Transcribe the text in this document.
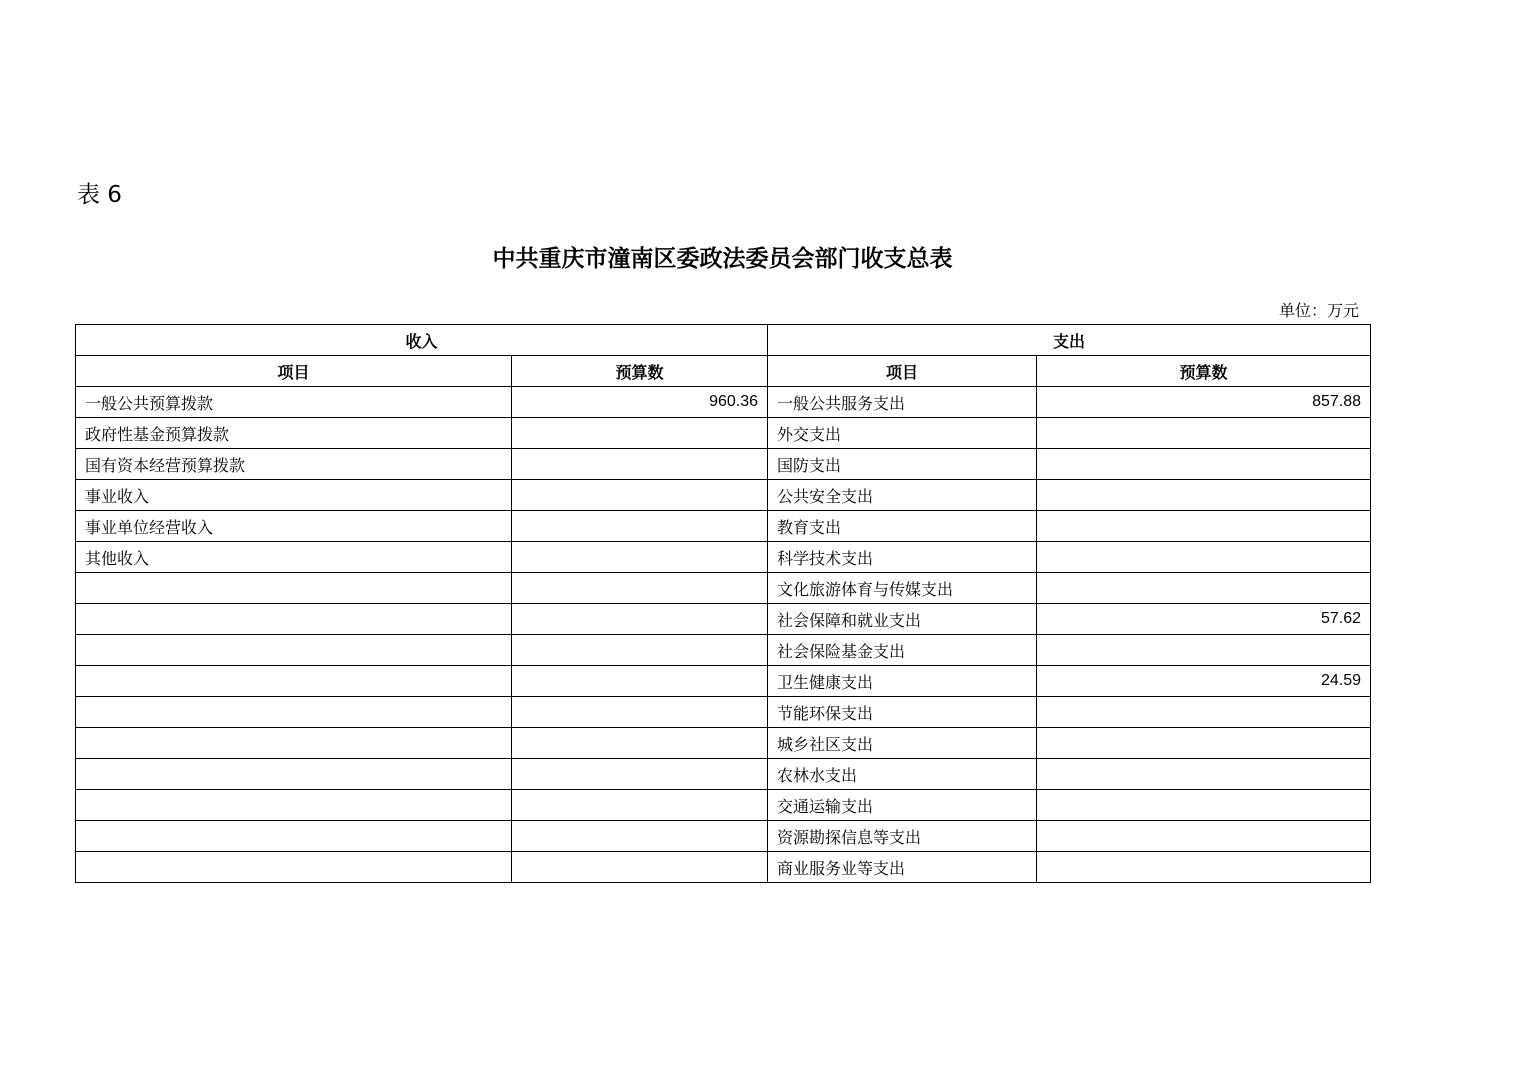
表 6
中共重庆市潼南区委政法委员会部门收支总表
单位：万元
收入		支出	
项目	预算数	项目	预算数
一般公共预算拨款	960.36	一般公共服务支出	857.88
政府性基金预算拨款		外交支出	
国有资本经营预算拨款		国防支出	
事业收入		公共安全支出	
事业单位经营收入		教育支出	
其他收入		科学技术支出	
		文化旅游体育与传媒支出	
		社会保障和就业支出	57.62
		社会保险基金支出	
		卫生健康支出	24.59
		节能环保支出	
		城乡社区支出	
		农林水支出	
		交通运输支出	
		资源勘探信息等支出	
		商业服务业等支出	
